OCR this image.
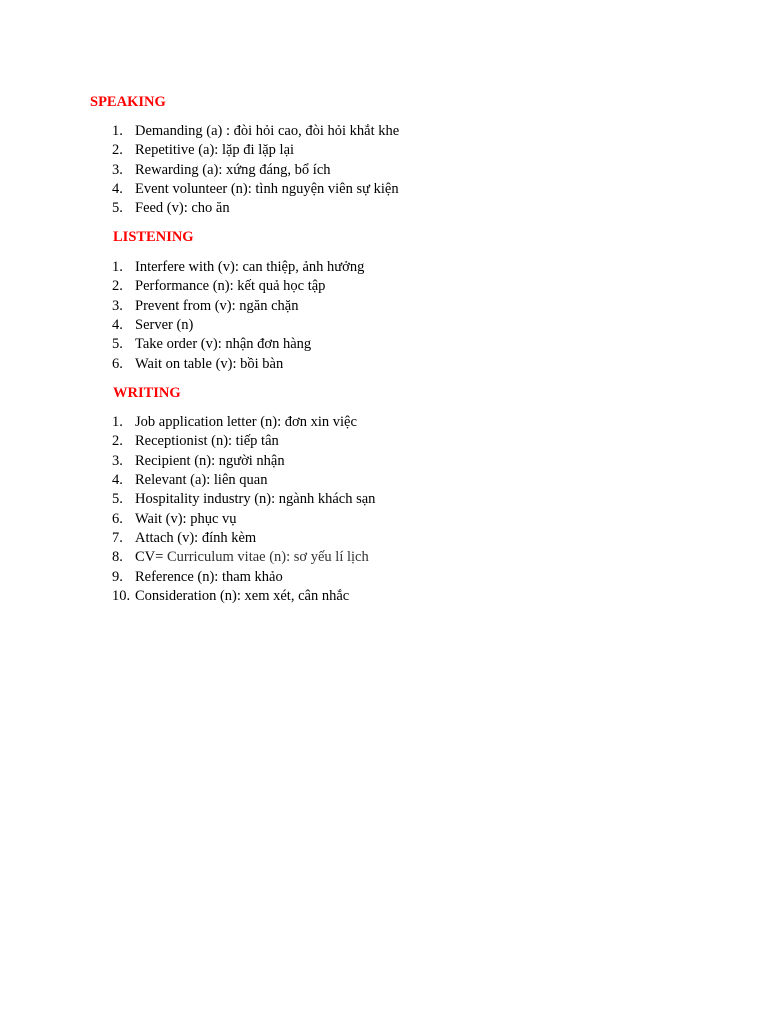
SPEAKING
1. Demanding (a) : đòi hỏi cao, đòi hỏi khắt khe
2. Repetitive (a): lặp đi lặp lại
3. Rewarding (a): xứng đáng, bổ ích
4. Event volunteer (n): tình nguyện viên sự kiện
5. Feed (v): cho ăn
LISTENING
1. Interfere with (v): can thiệp, ảnh hưởng
2. Performance (n): kết quả học tập
3. Prevent from (v): ngăn chặn
4. Server (n)
5. Take order (v): nhận đơn hàng
6. Wait on table (v): bồi bàn
WRITING
1. Job application letter (n): đơn xin việc
2. Receptionist (n): tiếp tân
3. Recipient (n): người nhận
4. Relevant (a): liên quan
5. Hospitality industry (n): ngành khách sạn
6. Wait (v): phục vụ
7. Attach (v): đính kèm
8. CV= Curriculum vitae (n): sơ yếu lí lịch
9. Reference (n): tham khảo
10. Consideration (n): xem xét, cân nhắc
